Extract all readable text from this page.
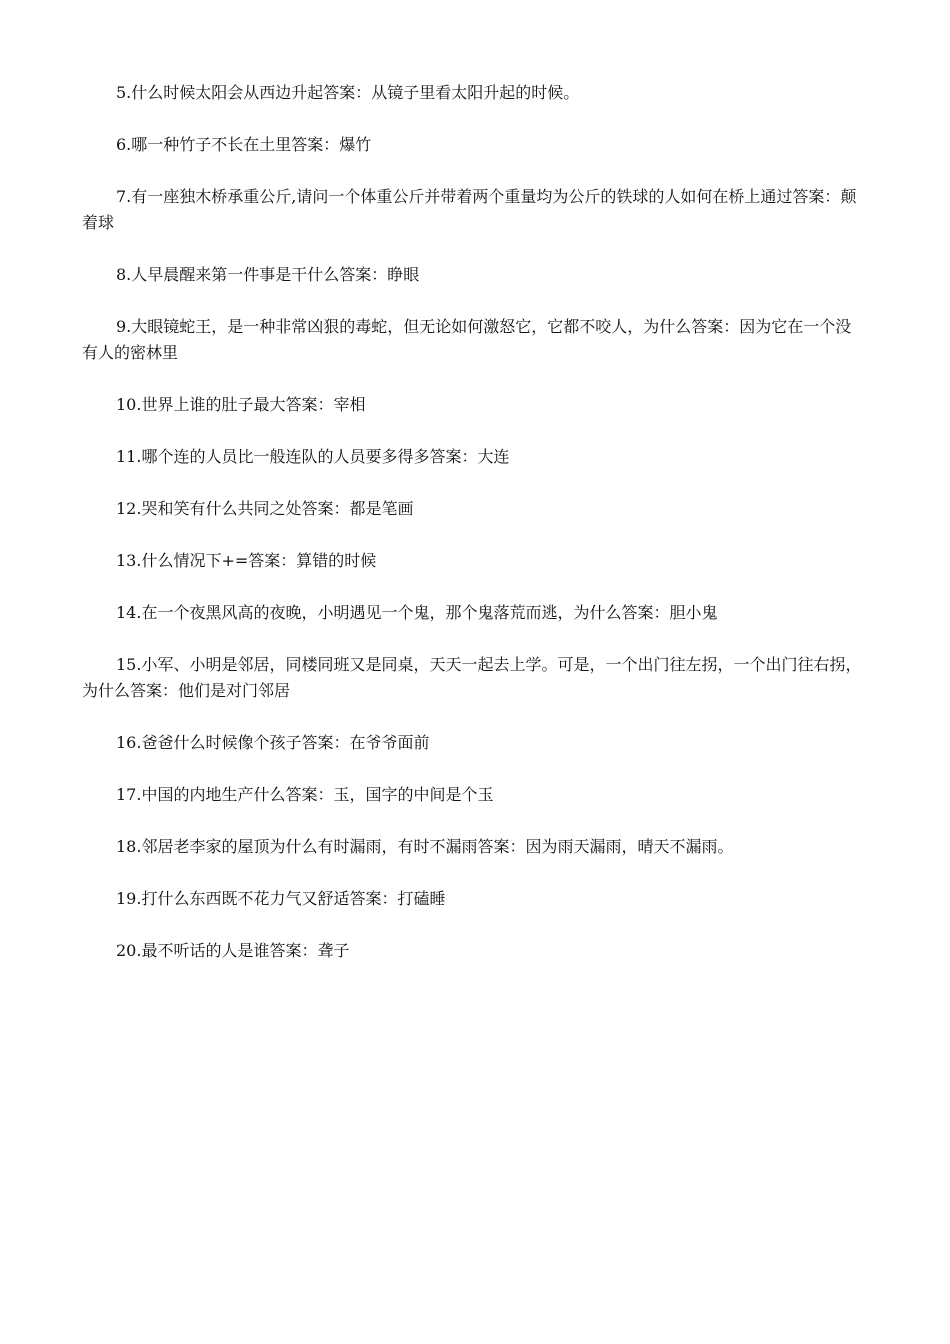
5.什么时候太阳会从西边升起答案：从镜子里看太阳升起的时候。

6.哪一种竹子不长在土里答案：爆竹

7.有一座独木桥承重公斤,请问一个体重公斤并带着两个重量均为公斤的铁球的人如何在桥上通过答案：颠着球

8.人早晨醒来第一件事是干什么答案：睁眼

9.大眼镜蛇王，是一种非常凶狠的毒蛇，但无论如何激怒它，它都不咬人，为什么答案：因为它在一个没有人的密林里

10.世界上谁的肚子最大答案：宰相

11.哪个连的人员比一般连队的人员要多得多答案：大连

12.哭和笑有什么共同之处答案：都是笔画

13.什么情况下+=答案：算错的时候

14.在一个夜黑风高的夜晚，小明遇见一个鬼，那个鬼落荒而逃，为什么答案：胆小鬼

15.小军、小明是邻居，同楼同班又是同桌，天天一起去上学。可是，一个出门往左拐，一个出门往右拐，为什么答案：他们是对门邻居

16.爸爸什么时候像个孩子答案：在爷爷面前

17.中国的内地生产什么答案：玉，国字的中间是个玉

18.邻居老李家的屋顶为什么有时漏雨，有时不漏雨答案：因为雨天漏雨，晴天不漏雨。

19.打什么东西既不花力气又舒适答案：打磕睡

20.最不听话的人是谁答案：聋子
